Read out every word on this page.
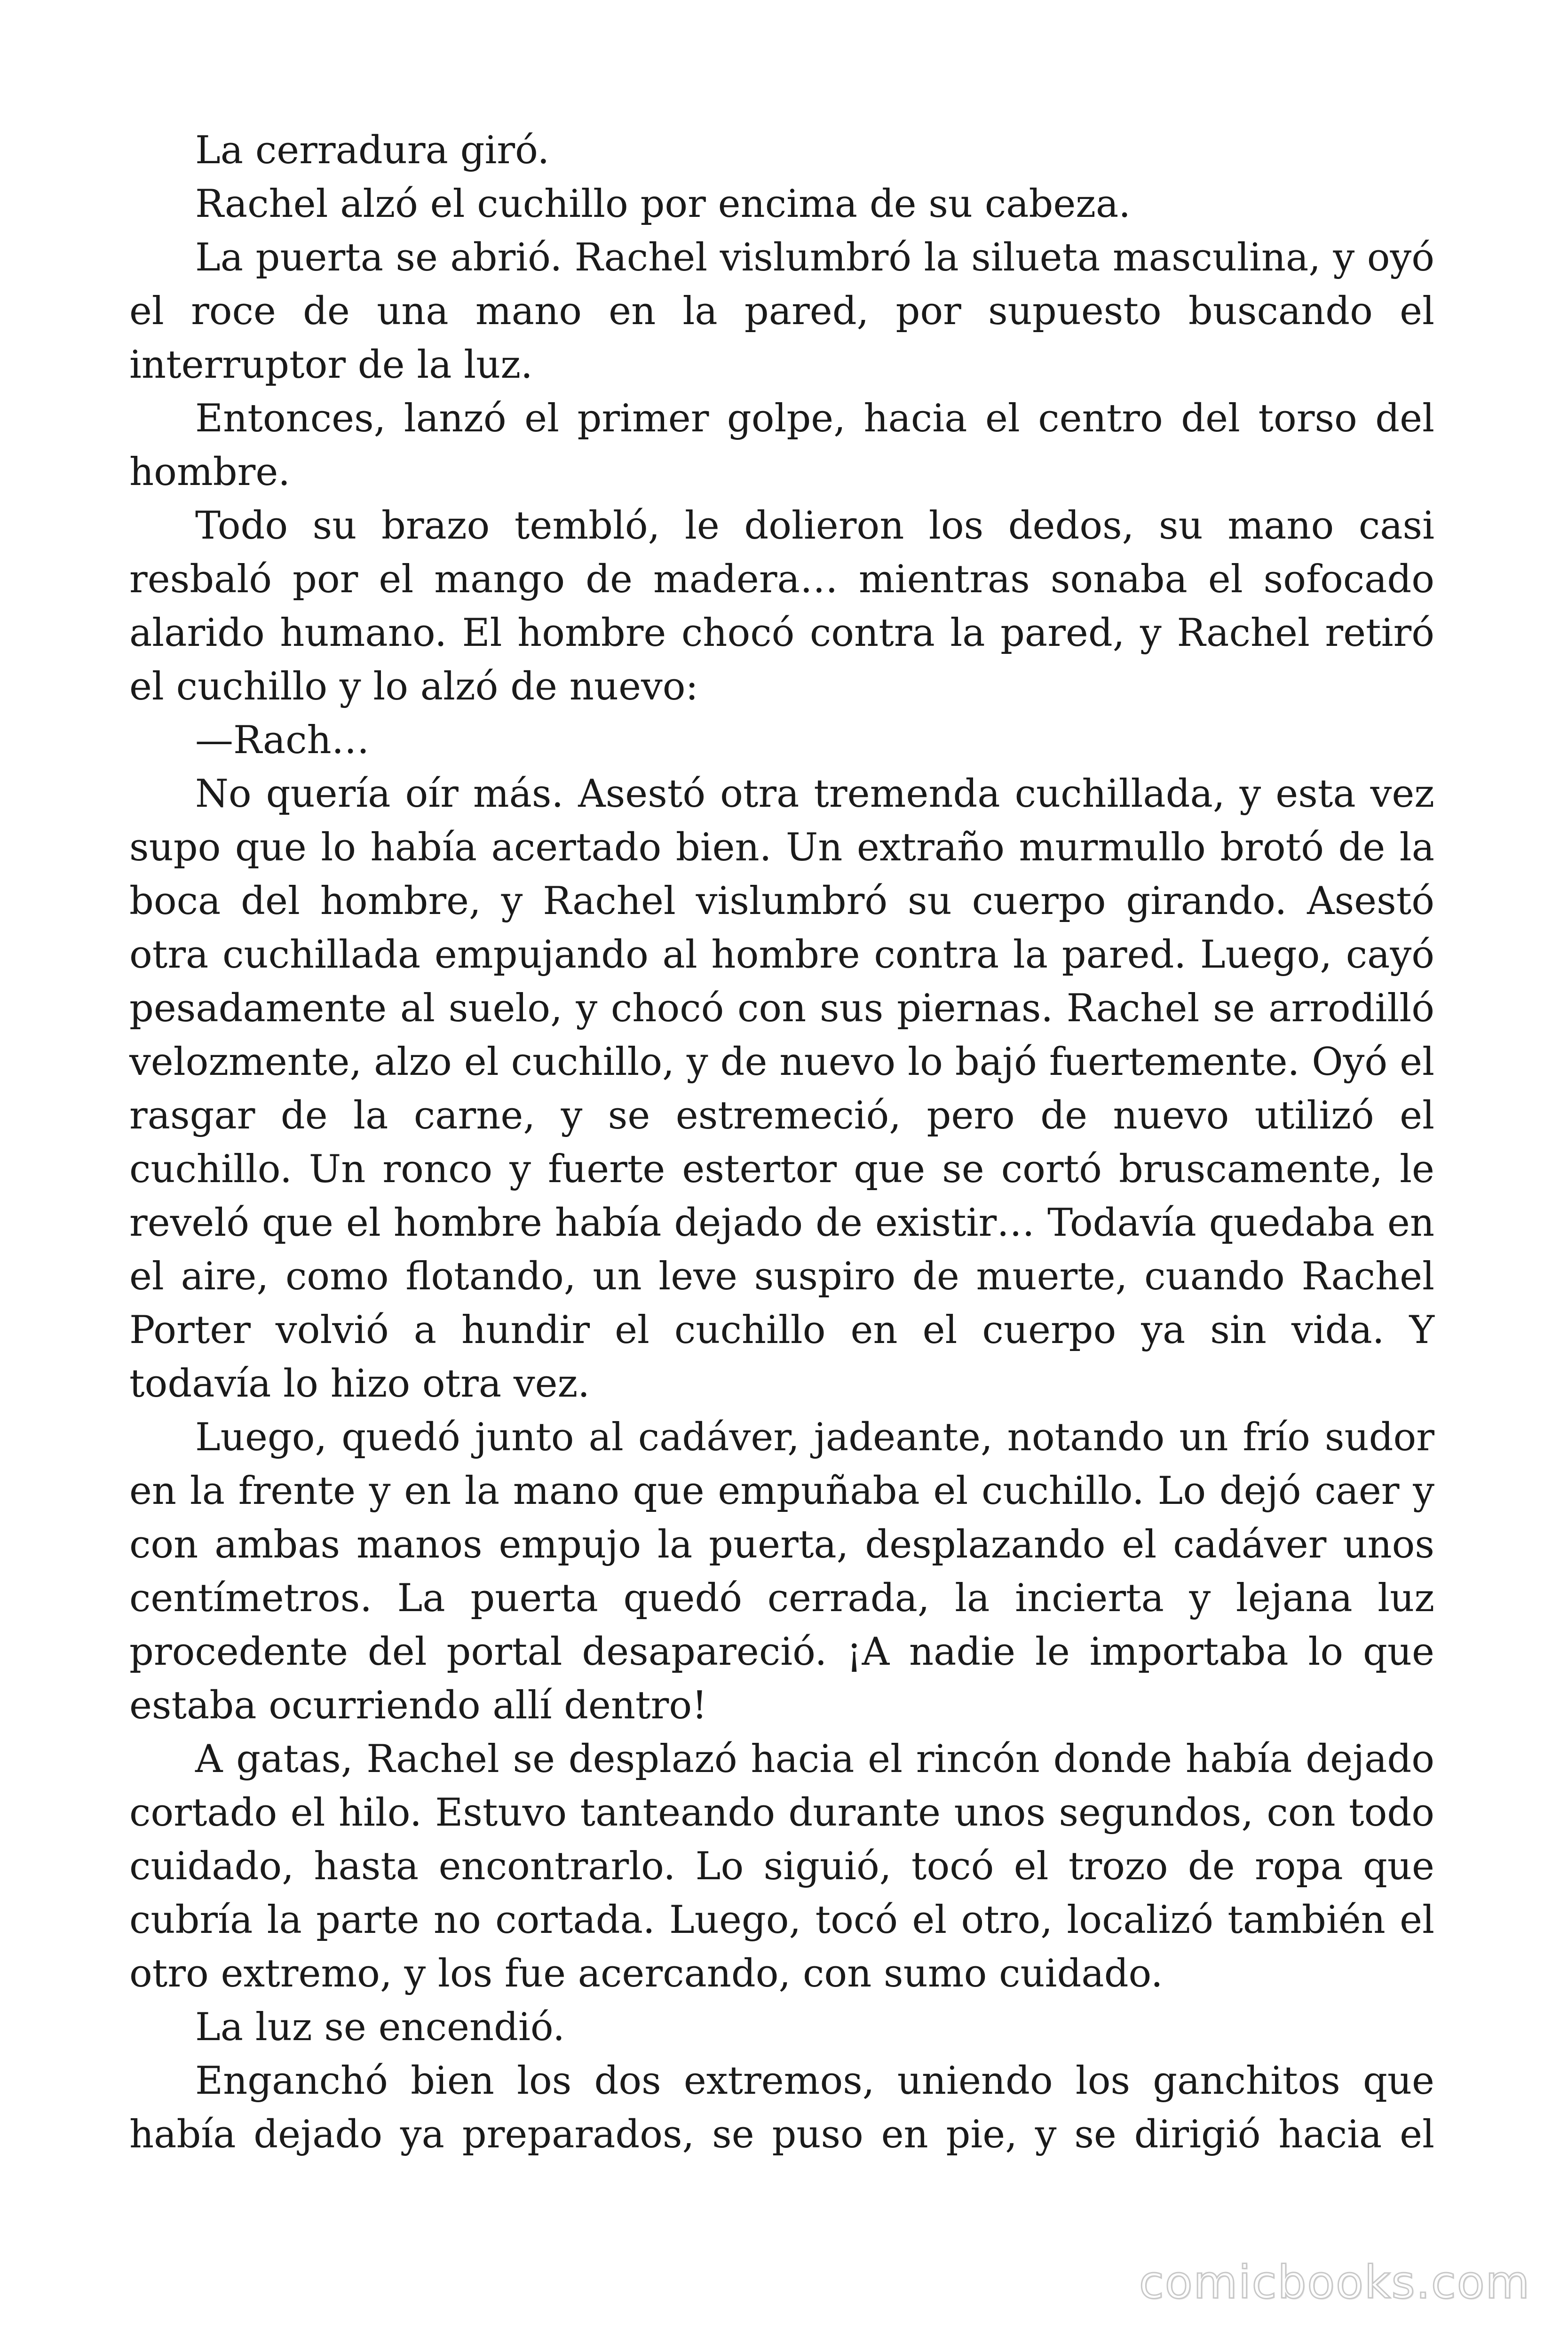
La cerradura giró.

Rachel alzó el cuchillo por encima de su cabeza.

La puerta se abrió. Rachel vislumbró la silueta masculina, y oyó el roce de una mano en la pared, por supuesto buscando el interruptor de la luz.

Entonces, lanzó el primer golpe, hacia el centro del torso del hombre.

Todo su brazo tembló, le dolieron los dedos, su mano casi resbaló por el mango de madera… mientras sonaba el sofocado alarido humano. El hombre chocó contra la pared, y Rachel retiró el cuchillo y lo alzó de nuevo:

—Rach…

No quería oír más. Asestó otra tremenda cuchillada, y esta vez supo que lo había acertado bien. Un extraño murmullo brotó de la boca del hombre, y Rachel vislumbró su cuerpo girando. Asestó otra cuchillada empujando al hombre contra la pared. Luego, cayó pesadamente al suelo, y chocó con sus piernas. Rachel se arrodilló velozmente, alzo el cuchillo, y de nuevo lo bajó fuertemente. Oyó el rasgar de la carne, y se estremeció, pero de nuevo utilizó el cuchillo. Un ronco y fuerte estertor que se cortó bruscamente, le reveló que el hombre había dejado de existir… Todavía quedaba en el aire, como flotando, un leve suspiro de muerte, cuando Rachel Porter volvió a hundir el cuchillo en el cuerpo ya sin vida. Y todavía lo hizo otra vez.

Luego, quedó junto al cadáver, jadeante, notando un frío sudor en la frente y en la mano que empuñaba el cuchillo. Lo dejó caer y con ambas manos empujo la puerta, desplazando el cadáver unos centímetros. La puerta quedó cerrada, la incierta y lejana luz procedente del portal desapareció. ¡A nadie le importaba lo que estaba ocurriendo allí dentro!

A gatas, Rachel se desplazó hacia el rincón donde había dejado cortado el hilo. Estuvo tanteando durante unos segundos, con todo cuidado, hasta encontrarlo. Lo siguió, tocó el trozo de ropa que cubría la parte no cortada. Luego, tocó el otro, localizó también el otro extremo, y los fue acercando, con sumo cuidado.

La luz se encendió.

Enganchó bien los dos extremos, uniendo los ganchitos que había dejado ya preparados, se puso en pie, y se dirigió hacia el

comicbooks.com
